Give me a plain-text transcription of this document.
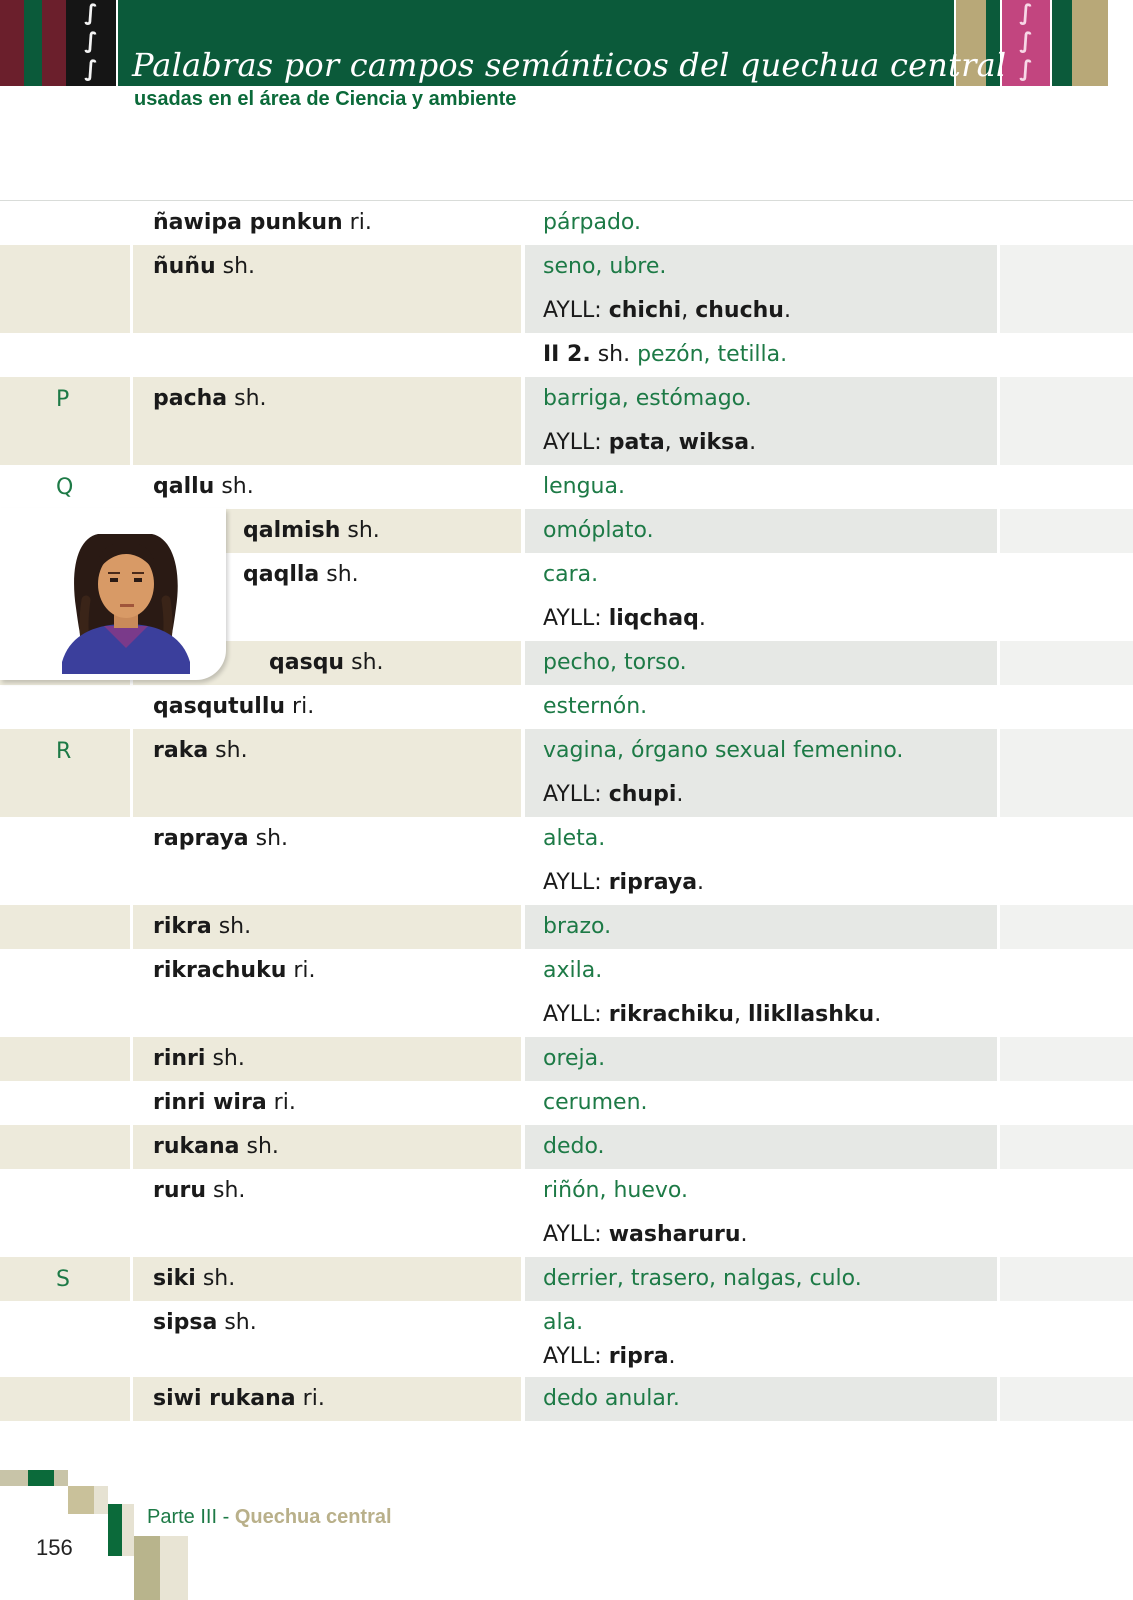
∫
∫
∫
∫
∫
∫
Palabras por campos semánticos del quechua central
usadas en el área de Ciencia y ambiente
ñawipa punkun ri.	párpado.
ñuñu sh.	seno, ubre.
AYLL: chichi, chuchu.
II 2. sh. pezón, tetilla.
P	pacha sh.	barriga, estómago.
AYLL: pata, wiksa.
Q	qallu sh.	lengua.
qalmish sh.	omóplato.
qaqlla sh.	cara.
AYLL: liqchaq.
qasqu sh.	pecho, torso.
qasqutullu ri.	esternón.
R	raka sh.	vagina, órgano sexual femenino.
AYLL: chupi.
rapraya sh.	aleta.
AYLL: ripraya.
rikra sh.	brazo.
rikrachuku ri.	axila.
AYLL: rikrachiku, llikllashku.
rinri sh.	oreja.
rinri wira ri.	cerumen.
rukana sh.	dedo.
ruru sh.	riñón, huevo.
AYLL: washaruru.
S	siki sh.	derrier, trasero, nalgas, culo.
sipsa sh.	ala.
AYLL: ripra.
siwi rukana ri.	dedo anular.
Parte III - Quechua central
156
